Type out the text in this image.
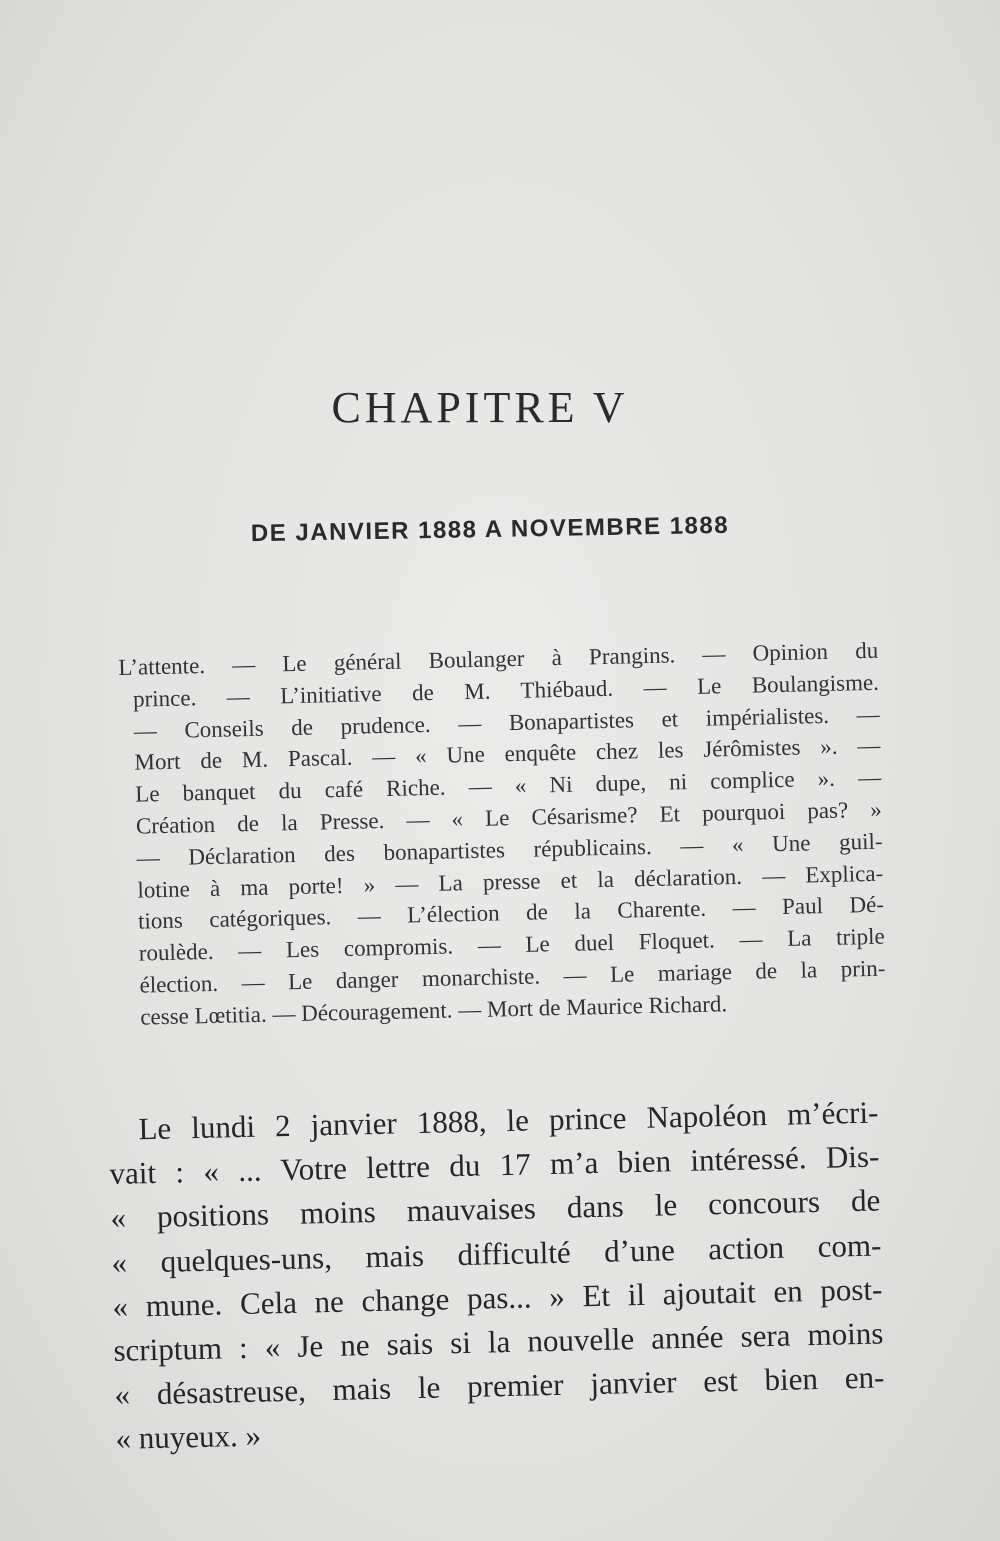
CHAPITRE V
DE JANVIER 1888 A NOVEMBRE 1888
L’attente. — Le général Boulanger à Prangins. — Opinion du
prince. — L’initiative de M. Thiébaud. — Le Boulangisme.
— Conseils de prudence. — Bonapartistes et impérialistes. —
Mort de M. Pascal. — « Une enquête chez les Jérômistes ». —
Le banquet du café Riche. — « Ni dupe, ni complice ». —
Création de la Presse. — « Le Césarisme? Et pourquoi pas? »
— Déclaration des bonapartistes républicains. — « Une guil-
lotine à ma porte! » — La presse et la déclaration. — Explica-
tions catégoriques. — L’élection de la Charente. — Paul Dé-
roulède. — Les compromis. — Le duel Floquet. — La triple
élection. — Le danger monarchiste. — Le mariage de la prin-
cesse Lœtitia. — Découragement. — Mort de Maurice Richard.
Le lundi 2 janvier 1888, le prince Napoléon m’écri-
vait : « ... Votre lettre du 17 m’a bien intéressé. Dis-
« positions moins mauvaises dans le concours de
« quelques-uns, mais difficulté d’une action com-
« mune. Cela ne change pas... » Et il ajoutait en post-
scriptum : « Je ne sais si la nouvelle année sera moins
« désastreuse, mais le premier janvier est bien en-
« nuyeux. »
